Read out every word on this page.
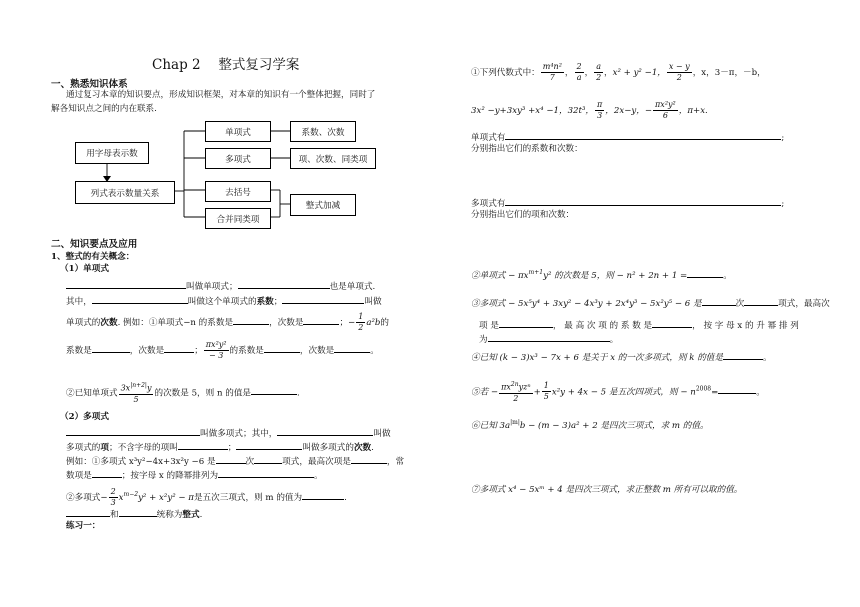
用字母表示数
列式表示数量关系
单项式
多项式
去括号
合并同类项
系数、次数
项、次数、同类项
整式加减
Chap 2　 整式复习学案
一、熟悉知识体系
通过复习本章的知识要点，形成知识框架，对本章的知识有一个整体把握，同时了
解各知识点之间的内在联系.
二、知识要点及应用
1、整式的有关概念：
（1）单项式
叫做单项式；	也是单项式.
其中，	叫做这个单项式的系数；	叫做
单项式的次数. 例如：①单项式−n 的系数是	，次数是	；− $\frac{1}{2} a^2b$的
系数是	，次数是	； $\frac{\text{πx²y²}}{- 3}$ 的系数是	，次数是	。
②已知单项式 $\frac{3x^{|n+2|}y}{5}$ 的次数是 5，则 n 的值是	.
（2）多项式
叫做多项式；其中，	叫做
多项式的项；不含字母的项叫	；	叫做多项式的次数.
例如：①多项式 x³y²−4x+3x²y −6 是	次	项式，最高次项是	，常
数项是	；按字母 x 的降幂排列为	。
②多项式− $\frac{2}{3} x^{m-2}y^2 + x^2y^2 - \pi$是五次三项式，则 m 的值为	.
和	统称为整式.
练习一：
①下列代数式中： $\frac{\text{m⁴n²}}{7}$ ， $\frac{2}{a}$ ， $\frac{a}{2}$ ，x² + y² −1， $\frac{x - y}{2}$ ，x，3－π，－b，
3x² −y+3xy³ +x⁴ −1，32t³， $\frac{\pi}{3}$ ，2x−y，− $\frac{\text{πx²y²}}{6}$ ，π+x.
单项式有	;
分别指出它们的系数和次数：
多项式有	;
分别指出它们的项和次数：
②单项式 − $\pi x^{m+1}y^2$ 的次数是 5，则 − n² + 2n + 1 =	。
③多项式 − 5x⁵y⁴ + 3xy² − 4x³y + 2x⁴y³ − 5x²y⁵ − 6 是	次	项式，最高次
项 是	， 最 高 次 项 的 系 数 是	， 按 字 母 x 的 升 幂 排 列
为	。
④已知 (k − 3)x³ − 7x + 6 是关于 x 的一次多项式，则 k 的值是	。
⑤若 − $\frac{\pi x^{2n}yz^n}{2} + \frac{1}{5} x^2y + 4x - 5$ 是五次四项式，则 − $n^{2008}=$	。
⑥已知 $3a^{|m|}b - (m - 3)a^2 + 2$ 是四次三项式，求 m 的值。
⑦多项式 x⁴ − 5xᵐ + 4 是四次三项式，求正整数 m 所有可以取的值。
